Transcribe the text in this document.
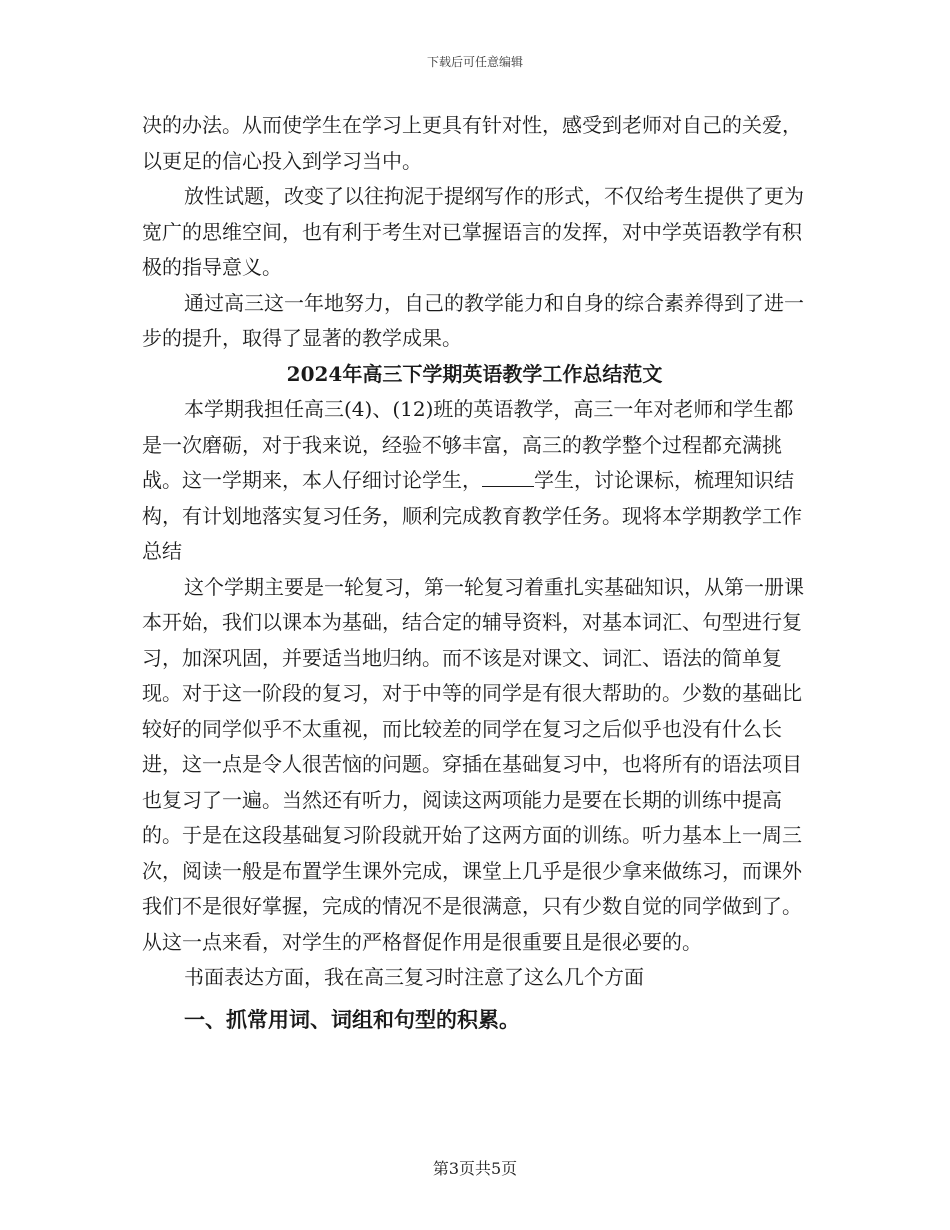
下载后可任意编辑

决的办法。从而使学生在学习上更具有针对性，感受到老师对自己的关爱，以更足的信心投入到学习当中。

放性试题，改变了以往拘泥于提纲写作的形式，不仅给考生提供了更为宽广的思维空间，也有利于考生对已掌握语言的发挥，对中学英语教学有积极的指导意义。

通过高三这一年地努力，自己的教学能力和自身的综合素养得到了进一步的提升，取得了显著的教学成果。

2024年高三下学期英语教学工作总结范文

本学期我担任高三(4)、(12)班的英语教学，高三一年对老师和学生都是一次磨砺，对于我来说，经验不够丰富，高三的教学整个过程都充满挑战。这一学期来，本人仔细讨论学生，	学生，讨论课标，梳理知识结构，有计划地落实复习任务，顺利完成教育教学任务。现将本学期教学工作总结

这个学期主要是一轮复习，第一轮复习着重扎实基础知识，从第一册课本开始，我们以课本为基础，结合定的辅导资料，对基本词汇、句型进行复习，加深巩固，并要适当地归纳。而不该是对课文、词汇、语法的简单复现。对于这一阶段的复习，对于中等的同学是有很大帮助的。少数的基础比较好的同学似乎不太重视，而比较差的同学在复习之后似乎也没有什么长进，这一点是令人很苦恼的问题。穿插在基础复习中，也将所有的语法项目也复习了一遍。当然还有听力，阅读这两项能力是要在长期的训练中提高的。于是在这段基础复习阶段就开始了这两方面的训练。听力基本上一周三次，阅读一般是布置学生课外完成，课堂上几乎是很少拿来做练习，而课外我们不是很好掌握，完成的情况不是很满意，只有少数自觉的同学做到了。从这一点来看，对学生的严格督促作用是很重要且是很必要的。

书面表达方面，我在高三复习时注意了这么几个方面

一、抓常用词、词组和句型的积累。

第3页共5页
